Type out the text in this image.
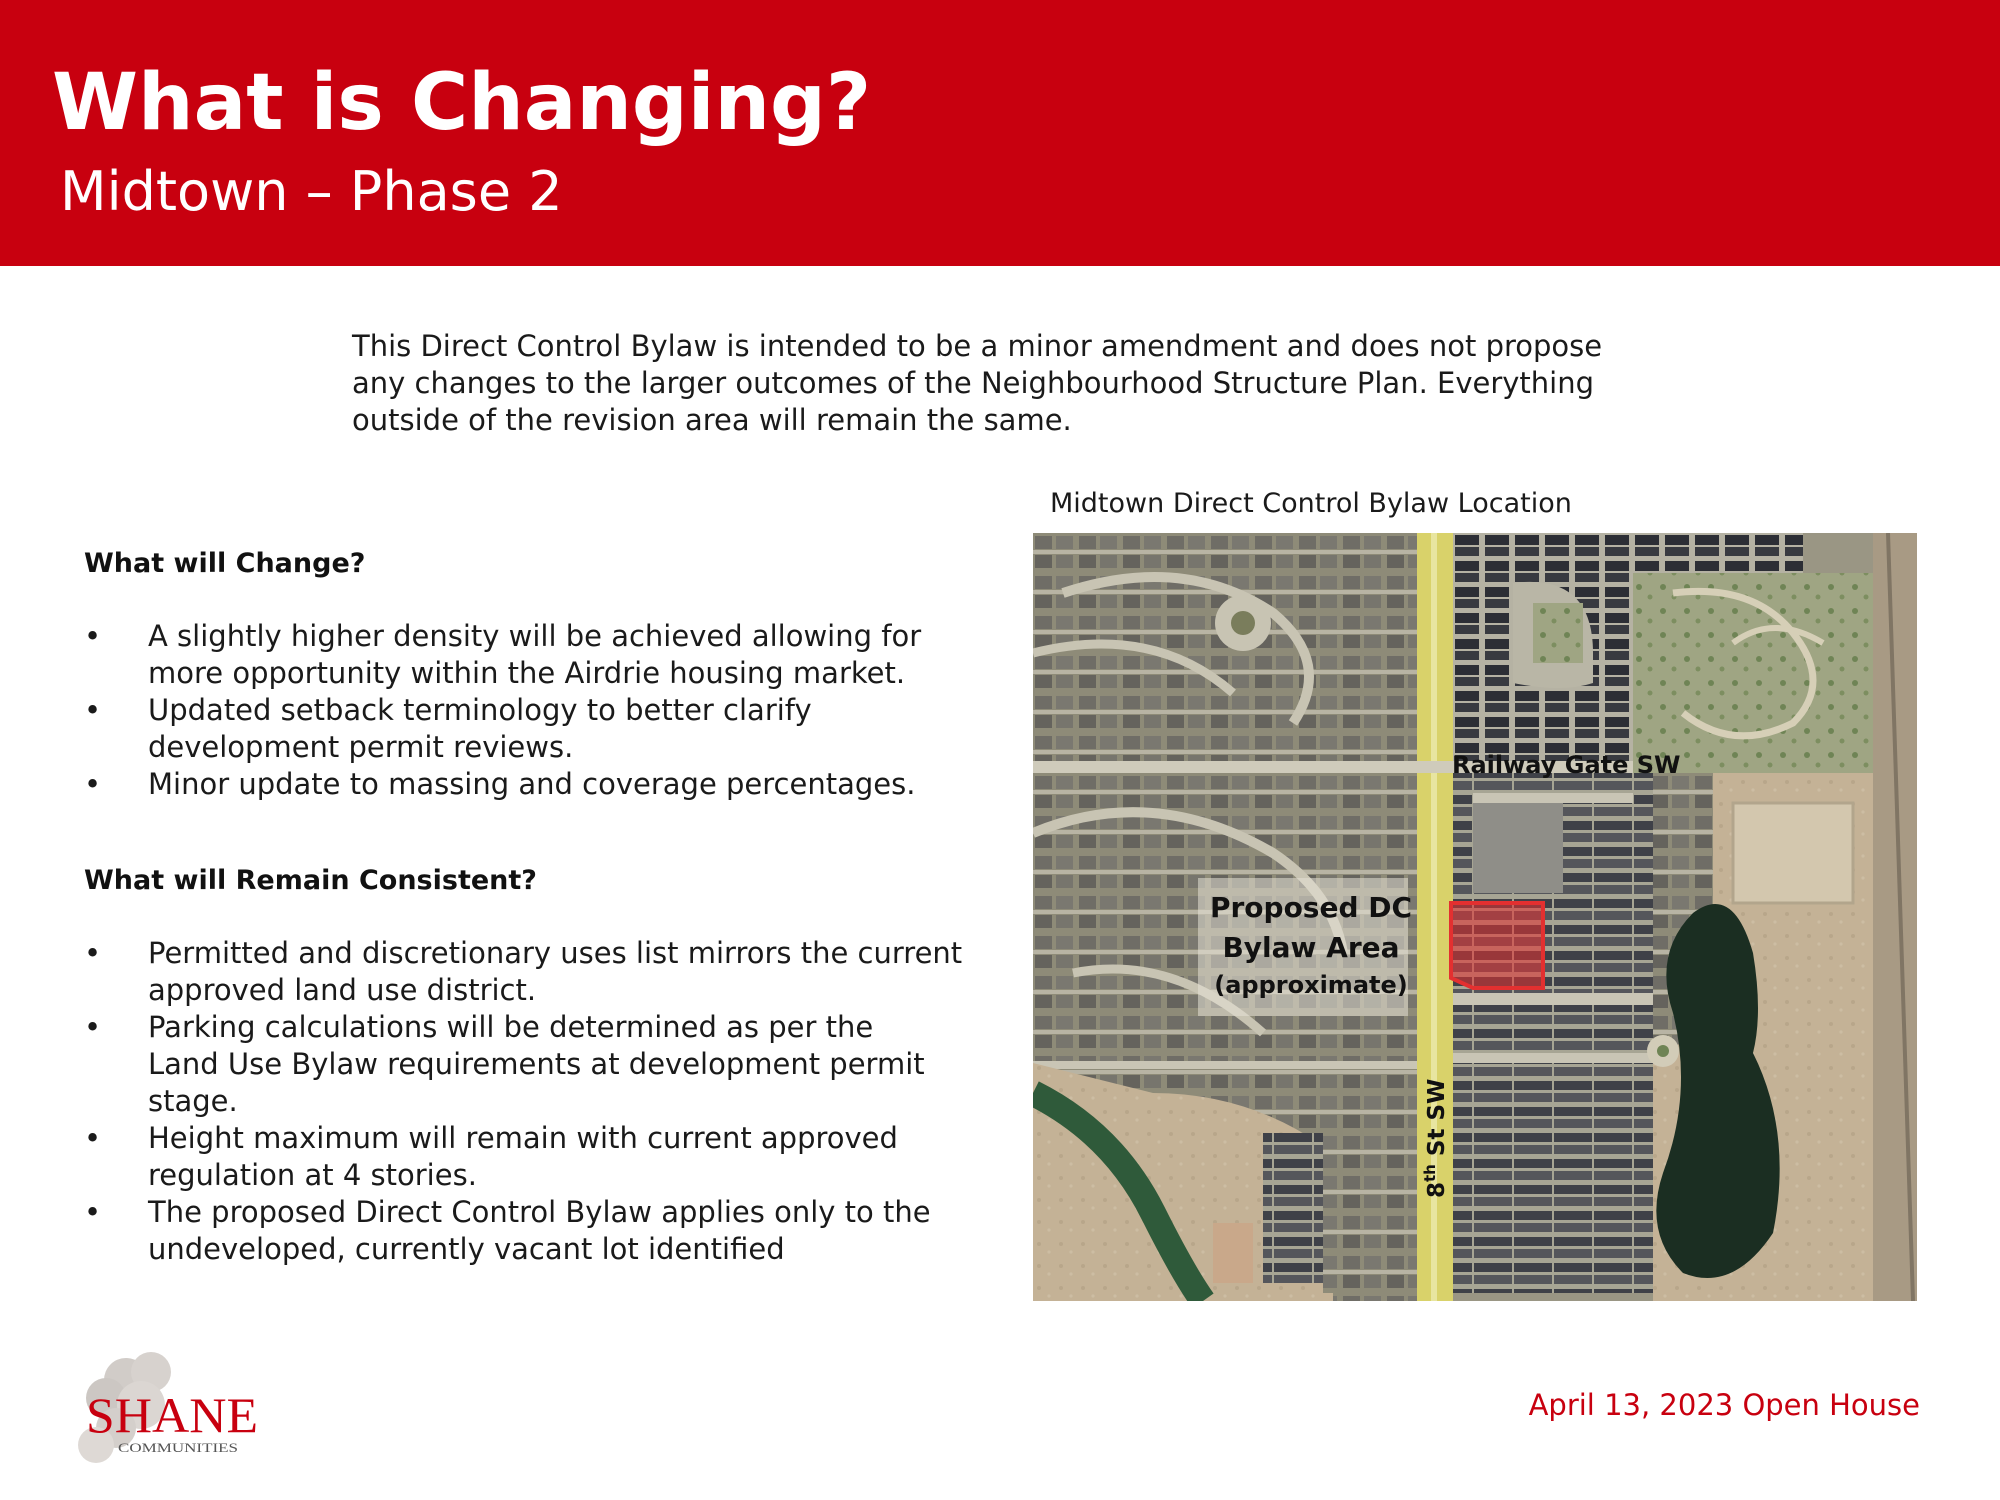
What is Changing?
Midtown – Phase 2
This Direct Control Bylaw is intended to be a minor amendment and does not propose
any changes to the larger outcomes of the Neighbourhood Structure Plan. Everything
outside of the revision area will remain the same.
What will Change?
• A slightly higher density will be achieved allowing for
more opportunity within the Airdrie housing market.
• Updated setback terminology to better clarify
development permit reviews.
• Minor update to massing and coverage percentages.
What will Remain Consistent?
• Permitted and discretionary uses list mirrors the current
approved land use district.
• Parking calculations will be determined as per the
Land Use Bylaw requirements at development permit
stage.
• Height maximum will remain with current approved
regulation at 4 stories.
• The proposed Direct Control Bylaw applies only to the
undeveloped, currently vacant lot identified
Midtown Direct Control Bylaw Location
Railway Gate SW
Proposed DC
Bylaw Area
(approximate)
8th St SW
April 13, 2023 Open House
SHANE
COMMUNITIES
